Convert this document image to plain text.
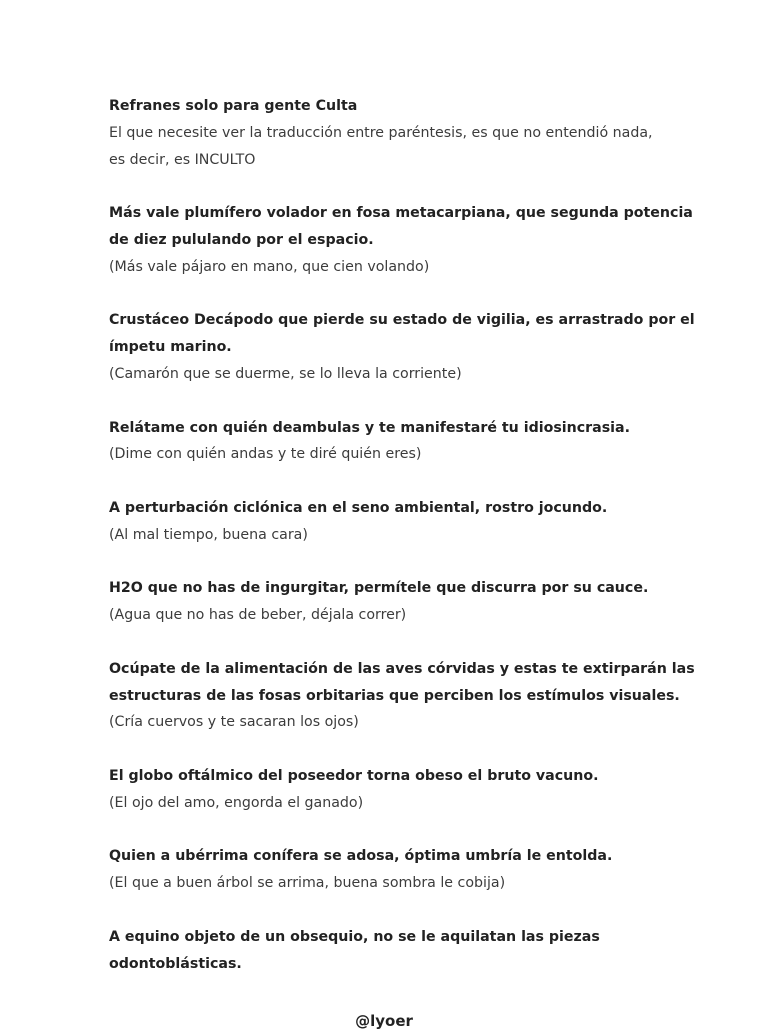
Refranes solo para gente Culta
El que necesite ver la traducción entre paréntesis, es que no entendió nada,
es decir, es INCULTO
Más vale plumífero volador en fosa metacarpiana, que segunda potencia
de diez pululando por el espacio.
(Más vale pájaro en mano, que cien volando)
Crustáceo Decápodo que pierde su estado de vigilia, es arrastrado por el
ímpetu marino.
(Camarón que se duerme, se lo lleva la corriente)
Relátame con quién deambulas y te manifestaré tu idiosincrasia.
(Dime con quién andas y te diré quién eres)
A perturbación ciclónica en el seno ambiental, rostro jocundo.
(Al mal tiempo, buena cara)
H2O que no has de ingurgitar, permítele que discurra por su cauce.
(Agua que no has de beber, déjala correr)
Ocúpate de la alimentación de las aves córvidas y estas te extirparán las
estructuras de las fosas orbitarias que perciben los estímulos visuales.
(Cría cuervos y te sacaran los ojos)
El globo oftálmico del poseedor torna obeso el bruto vacuno.
(El ojo del amo, engorda el ganado)
Quien a ubérrima conífera se adosa, óptima umbría le entolda.
(El que a buen árbol se arrima, buena sombra le cobija)
A equino objeto de un obsequio, no se le aquilatan las piezas
odontoblásticas.
@lyoer
